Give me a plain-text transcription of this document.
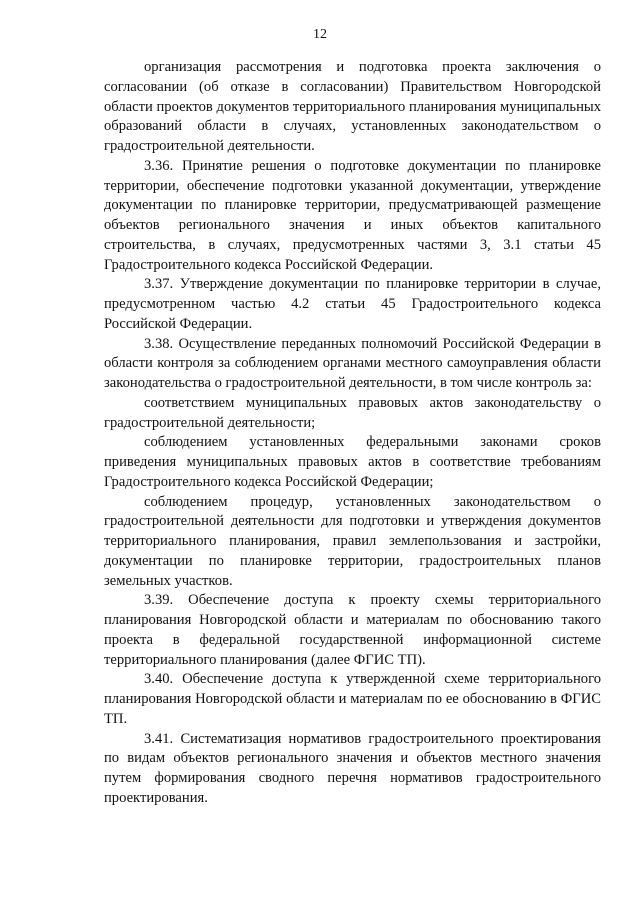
12

организация рассмотрения и подготовка проекта заключения о согласовании (об отказе в согласовании) Правительством Новгородской области проектов документов территориального планирования муниципальных образований области в случаях, установленных законодательством о градостроительной деятельности.

3.36. Принятие решения о подготовке документации по планировке территории, обеспечение подготовки указанной документации, утверждение документации по планировке территории, предусматривающей размещение объектов регионального значения и иных объектов капитального строительства, в случаях, предусмотренных частями 3, 3.1 статьи 45 Градостроительного кодекса Российской Федерации.

3.37. Утверждение документации по планировке территории в случае, предусмотренном частью 4.2 статьи 45 Градостроительного кодекса Российской Федерации.

3.38. Осуществление переданных полномочий Российской Федерации в области контроля за соблюдением органами местного самоуправления области законодательства о градостроительной деятельности, в том числе контроль за:

соответствием муниципальных правовых актов законодательству о градостроительной деятельности;

соблюдением установленных федеральными законами сроков приведения муниципальных правовых актов в соответствие требованиям Градостроительного кодекса Российской Федерации;

соблюдением процедур, установленных законодательством о градостроительной деятельности для подготовки и утверждения документов территориального планирования, правил землепользования и застройки, документации по планировке территории, градостроительных планов земельных участков.

3.39. Обеспечение доступа к проекту схемы территориального планирования Новгородской области и материалам по обоснованию такого проекта в федеральной государственной информационной системе территориального планирования (далее ФГИС ТП).

3.40. Обеспечение доступа к утвержденной схеме территориального планирования Новгородской области и материалам по ее обоснованию в ФГИС ТП.

3.41. Систематизация нормативов градостроительного проектирования по видам объектов регионального значения и объектов местного значения путем формирования сводного перечня нормативов градостроительного проектирования.
